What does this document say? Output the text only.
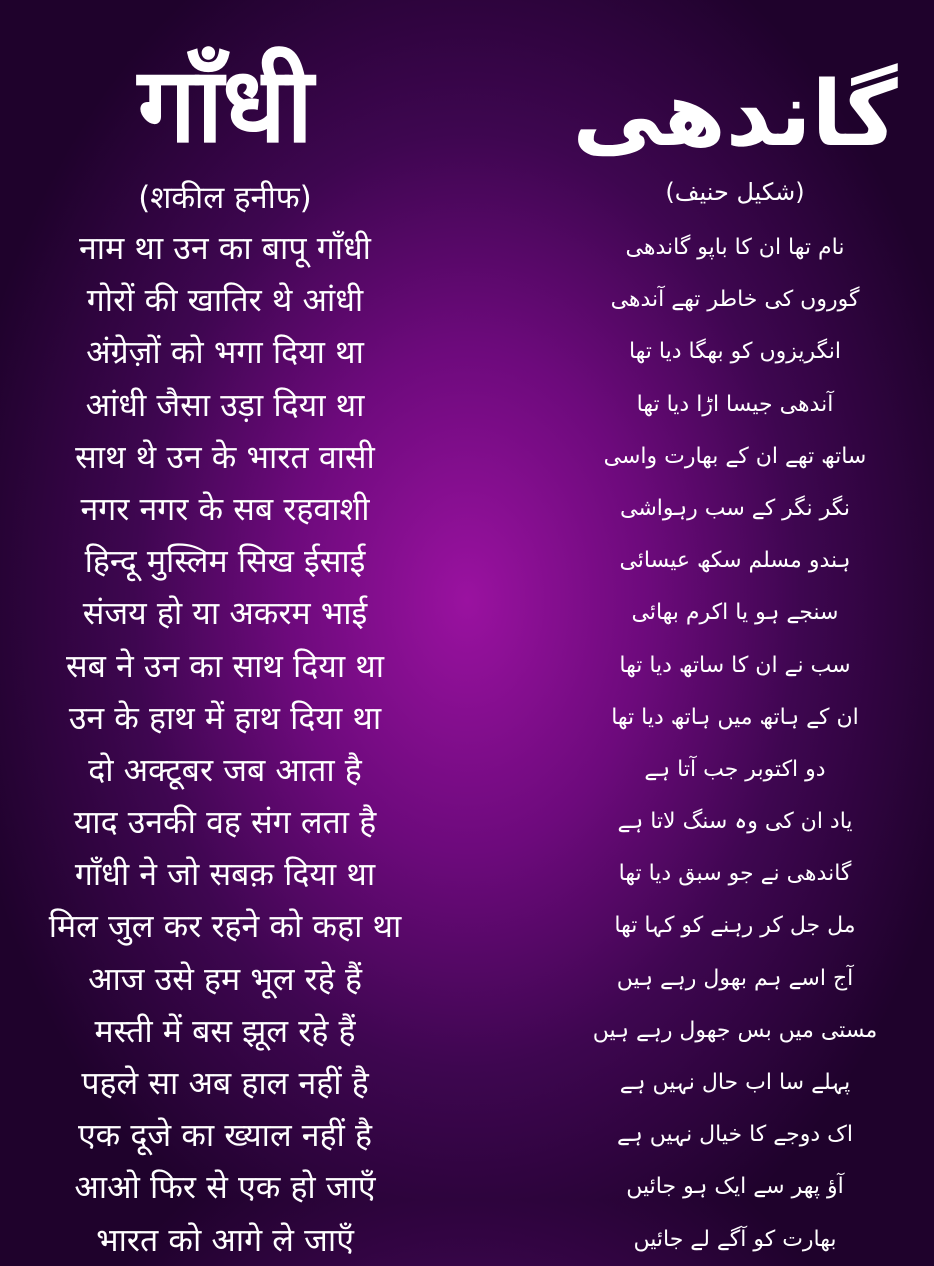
गाँधी
(शकील हनीफ)
नाम था उन का बापू गाँधी
गोरों की खातिर थे आंधी
अंग्रेज़ों को भगा दिया था
आंधी जैसा उड़ा दिया था
साथ थे उन के भारत वासी
नगर नगर के सब रहवाशी
हिन्दू मुस्लिम सिख ईसाई
संजय हो या अकरम भाई
सब ने उन का साथ दिया था
उन के हाथ में हाथ दिया था
दो अक्टूबर जब आता है
याद उनकी वह संग लता है
गाँधी ने जो सबक़ दिया था
मिल जुल कर रहने को कहा था
आज उसे हम भूल रहे हैं
मस्ती में बस झूल रहे हैं
पहले सा अब हाल नहीं है
एक दूजे का ख्याल नहीं है
आओ फिर से एक हो जाएँ
भारत को आगे ले जाएँ
گاندھی
(شکیل حنیف)
نام تھا ان کا باپو گاندھی
گوروں کی خاطر تھے آندھی
انگریزوں کو بھگا دیا تھا
آندھی جیسا اڑا دیا تھا
ساتھ تھے ان کے بھارت واسی
نگر نگر کے سب رہواشی
ہندو مسلم سکھ عیسائی
سنجے ہو یا اکرم بھائی
سب نے ان کا ساتھ دیا تھا
ان کے ہاتھ میں ہاتھ دیا تھا
دو اکتوبر جب آتا ہے
یاد ان کی وہ سنگ لاتا ہے
گاندھی نے جو سبق دیا تھا
مل جل کر رہنے کو کہا تھا
آج اسے ہم بھول رہے ہیں
مستی میں بس جھول رہے ہیں
پہلے سا اب حال نہیں ہے
اک دوجے کا خیال نہیں ہے
آؤ پھر سے ایک ہو جائیں
بھارت کو آگے لے جائیں
